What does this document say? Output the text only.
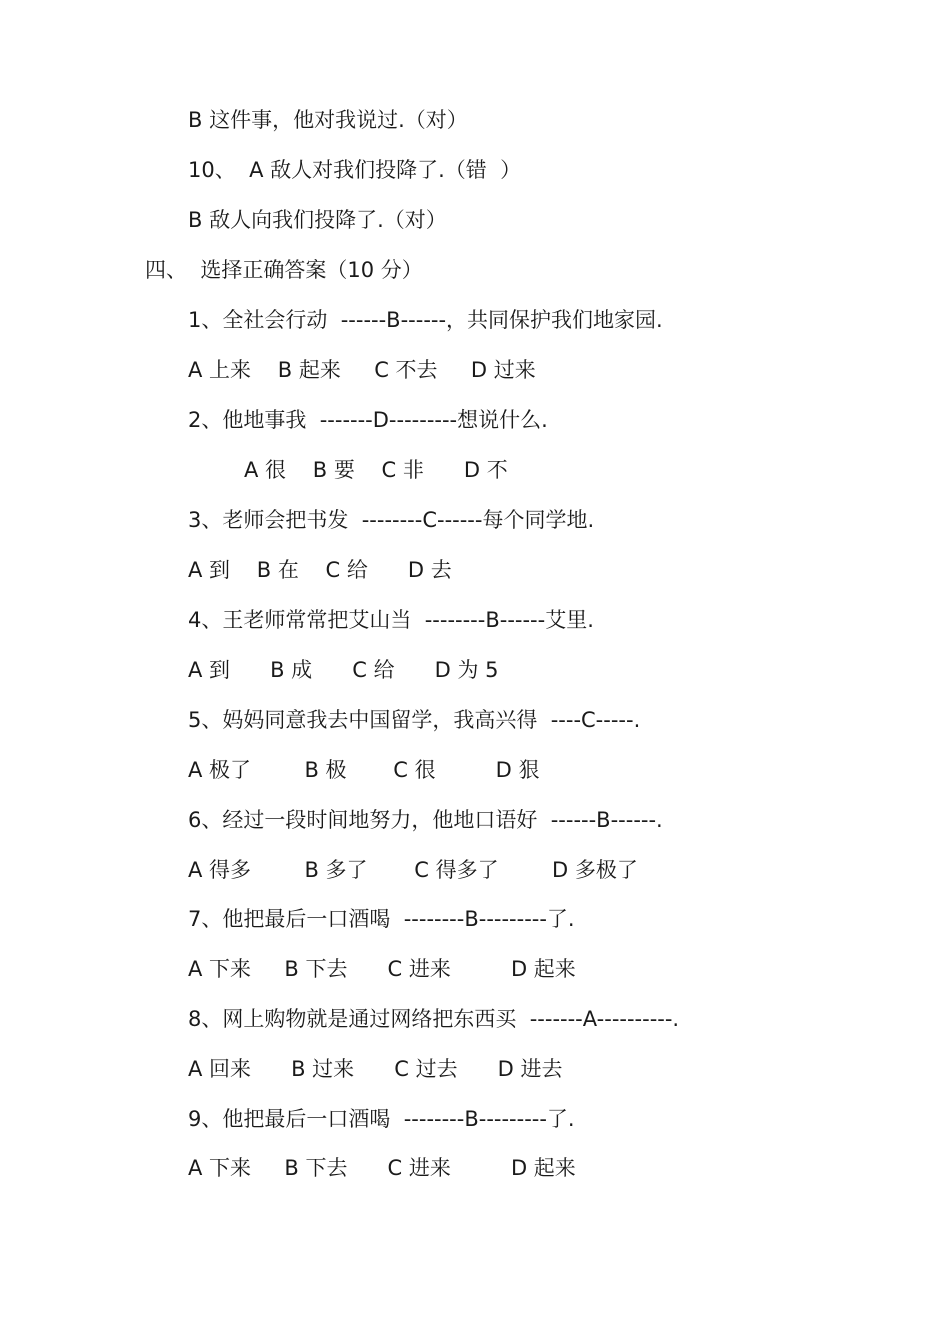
B 这件事，他对我说过.（对）
10、  A 敌人对我们投降了.（错  ）
B 敌人向我们投降了.（对）
四、  选择正确答案（10 分）
1、全社会行动  ------B------，共同保护我们地家园.
A 上来    B 起来     C 不去     D 过来
2、他地事我  -------D---------想说什么.
A 很    B 要    C 非      D 不
3、老师会把书发  --------C------每个同学地.
A 到    B 在    C 给      D 去
4、王老师常常把艾山当  --------B------艾里.
A 到      B 成      C 给      D 为 5
5、妈妈同意我去中国留学，我高兴得  ----C-----.
A 极了        B 极       C 很         D 狠
6、经过一段时间地努力，他地口语好  ------B------.
A 得多        B 多了       C 得多了        D 多极了
7、他把最后一口酒喝  --------B---------了.
A 下来     B 下去      C 进来         D 起来
8、网上购物就是通过网络把东西买  -------A----------.
A 回来      B 过来      C 过去      D 进去
9、他把最后一口酒喝  --------B---------了.
A 下来     B 下去      C 进来         D 起来
